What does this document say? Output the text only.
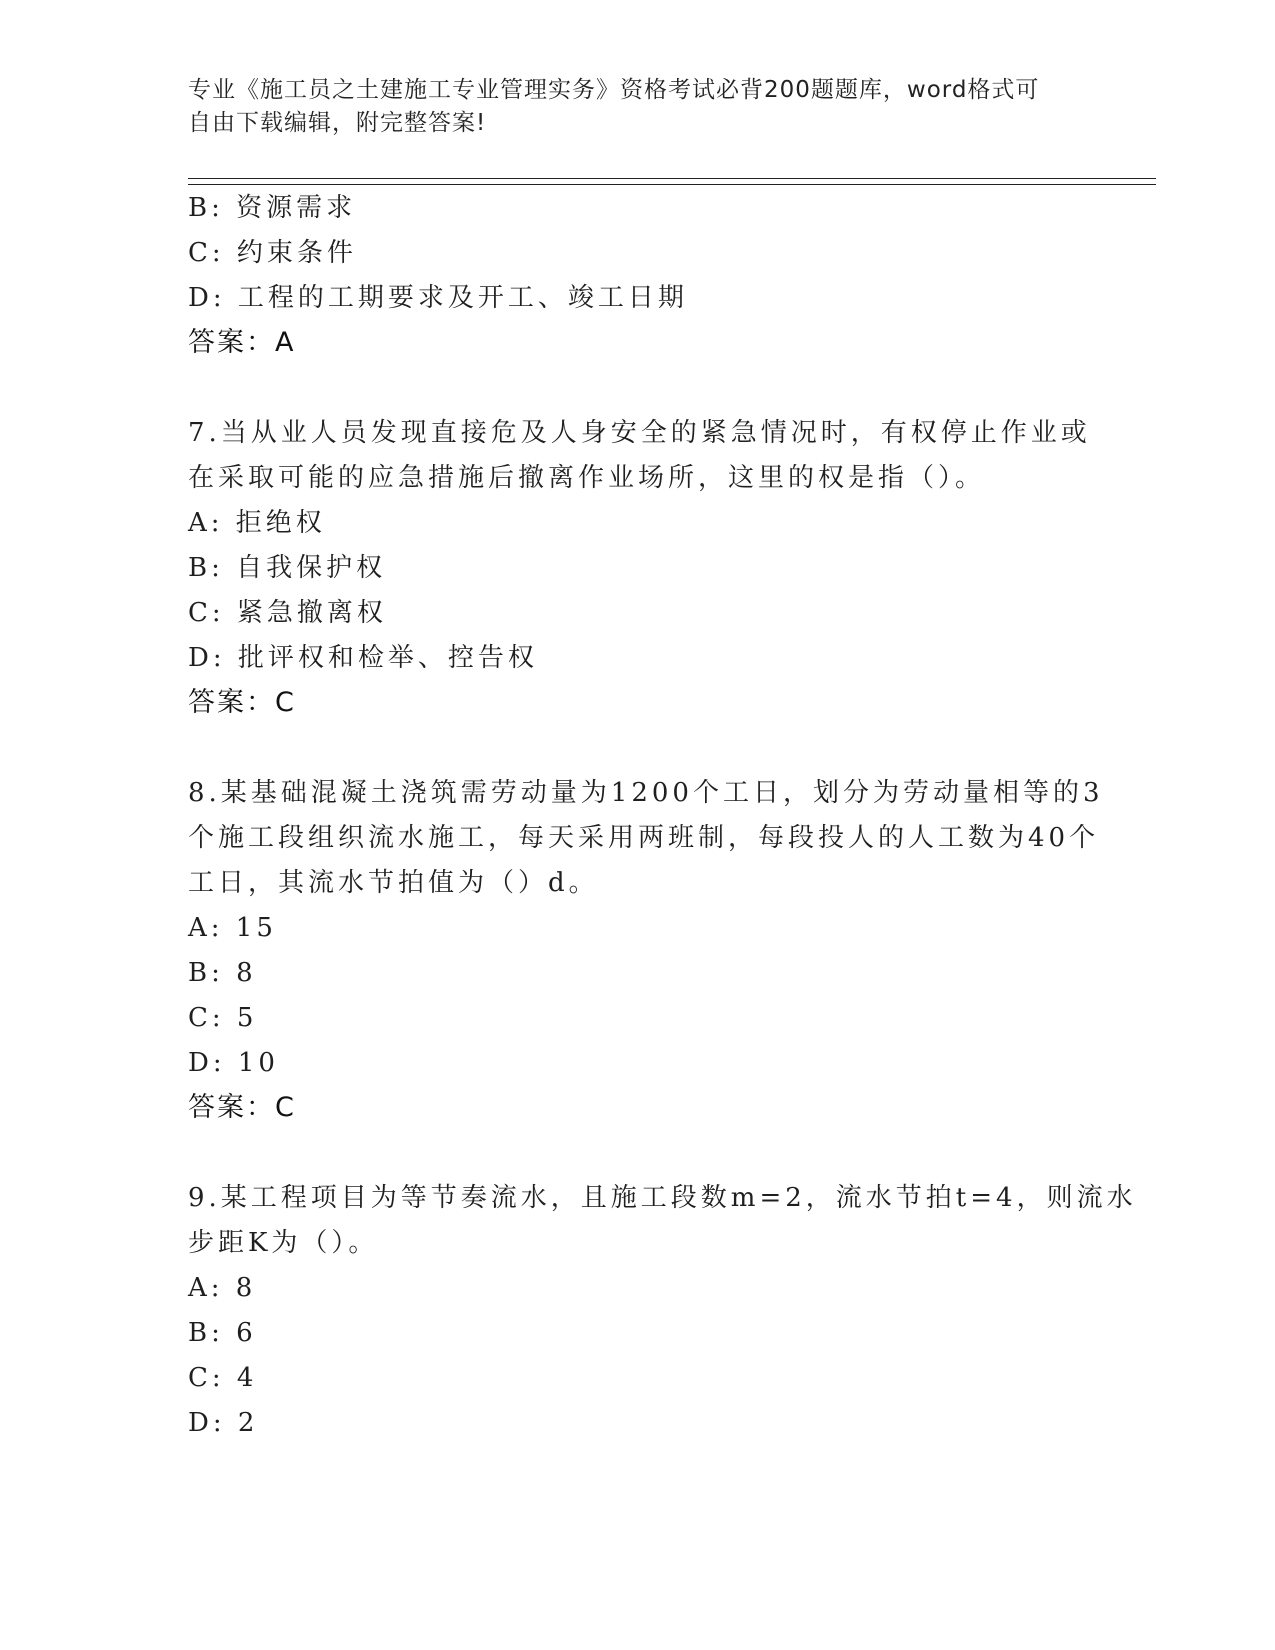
专业《施工员之土建施工专业管理实务》资格考试必背200题题库，word格式可
自由下载编辑，附完整答案!
B: 资源需求
C: 约束条件
D: 工程的工期要求及开工、竣工日期
答案：A
7.当从业人员发现直接危及人身安全的紧急情况时，有权停止作业或
在采取可能的应急措施后撤离作业场所，这里的权是指（）。
A: 拒绝权
B: 自我保护权
C: 紧急撤离权
D: 批评权和检举、控告权
答案：C
8.某基础混凝土浇筑需劳动量为1200个工日，划分为劳动量相等的3
个施工段组织流水施工，每天采用两班制，每段投人的人工数为40个
工日，其流水节拍值为（）d。
A: 15
B: 8
C: 5
D: 10
答案：C
9.某工程项目为等节奏流水，且施工段数m=2，流水节拍t=4，则流水
步距K为（）。
A: 8
B: 6
C: 4
D: 2
